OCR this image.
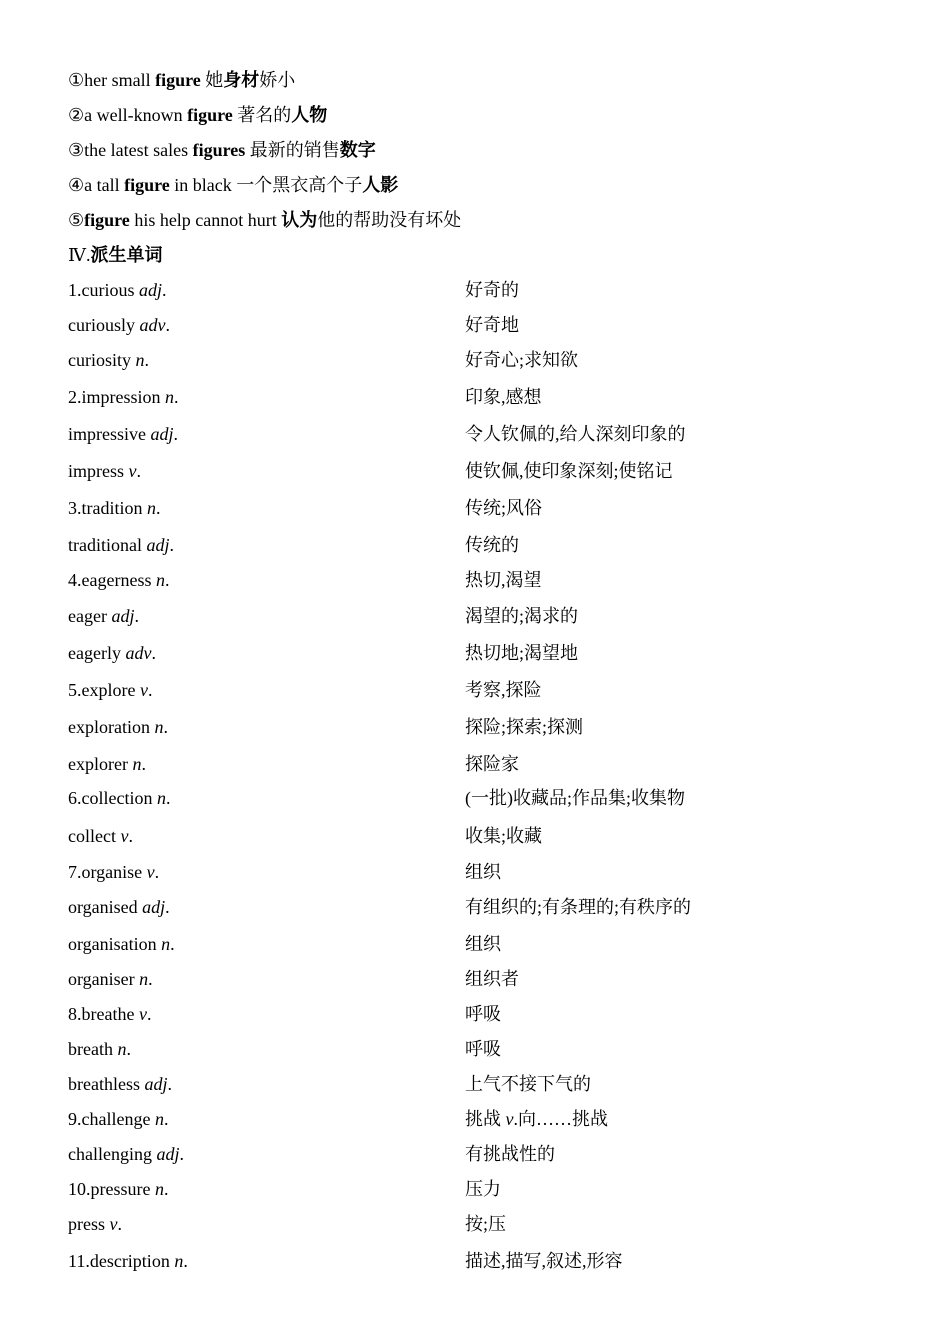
①her small figure 她身材娇小
②a well-known figure 著名的人物
③the latest sales figures 最新的销售数字
④a tall figure in black 一个黑衣高个子人影
⑤figure his help cannot hurt 认为他的帮助没有坏处
Ⅳ.派生单词
1.curious adj.	好奇的
curiously adv.	好奇地
curiosity n.	好奇心;求知欲
2.impression n.	印象,感想
impressive adj.	令人钦佩的,给人深刻印象的
impress v.	使钦佩,使印象深刻;使铭记
3.tradition n.	传统;风俗
traditional adj.	传统的
4.eagerness n.	热切,渴望
eager adj.	渴望的;渴求的
eagerly adv.	热切地;渴望地
5.explore v.	考察,探险
exploration n.	探险;探索;探测
explorer n.	探险家
6.collection n.	(一批)收藏品;作品集;收集物
collect v.	收集;收藏
7.organise v.	组织
organised adj.	有组织的;有条理的;有秩序的
organisation n.	组织
organiser n.	组织者
8.breathe v.	呼吸
breath n.	呼吸
breathless adj.	上气不接下气的
9.challenge n.	挑战 v.向……挑战
challenging adj.	有挑战性的
10.pressure n.	压力
press v.	按;压
11.description n.	描述,描写,叙述,形容
